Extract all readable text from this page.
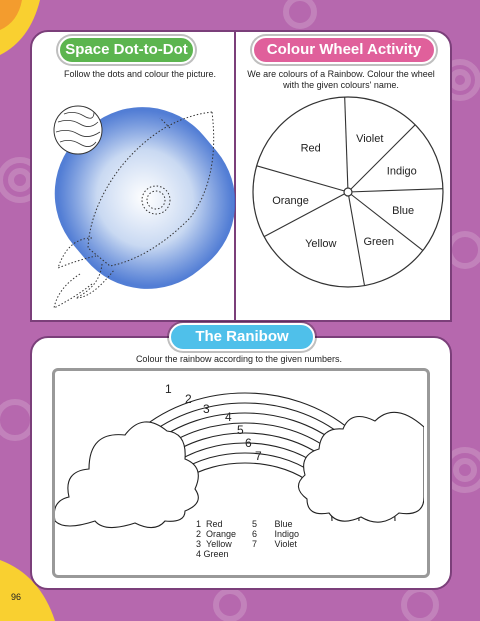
Space Dot-to-Dot
Follow the dots and colour the picture.
Colour Wheel Activity
We are colours of a Rainbow. Colour the wheel
with the given colours' name.
Violet
Indigo
Blue
Green
Yellow
Orange
Red
The Ranibow
Colour the rainbow according to the given numbers.
1
2
3
4
5
6
7
1 Red
2 Orange
3 Yellow
4 Green
5 Blue
6 Indigo
7 Violet
96
